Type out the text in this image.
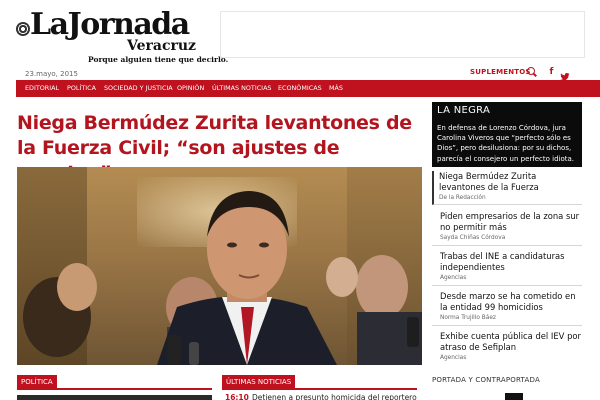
LaJornada
Veracruz
Porque alguien tiene que decirlo.
23.mayo, 2015	SUPLEMENTOS	f
EDITORIAL POLÍTICA SOCIEDAD Y JUSTICIA OPINIÓN ÚLTIMAS NOTICIAS ECONÓMICAS MÁS
Niega Bermúdez Zurita levantones de la Fuerza Civil; “son ajustes de
POLÍTICA	ÚLTIMAS NOTICIAS
16:10 Detienen a presunto homicida del reportero
LA NEGRA
En defensa de Lorenzo Córdova, jura Carolina Viveros que “perfecto sólo es Dios”, pero desilusiona: por su dichos, parecía el consejero un perfecto idiota.
Niega Bermúdez Zurita levantones de la Fuerza
De la Redacción
Piden empresarios de la zona sur no permitir más
Sayda Chiñas Córdova
Trabas del INE a candidaturas independientes
Agencias
Desde marzo se ha cometido en la entidad 99 homicidios
Norma Trujillo Báez
Exhibe cuenta pública del IEV por atraso de Sefiplan
Agencias
PORTADA Y CONTRAPORTADA
